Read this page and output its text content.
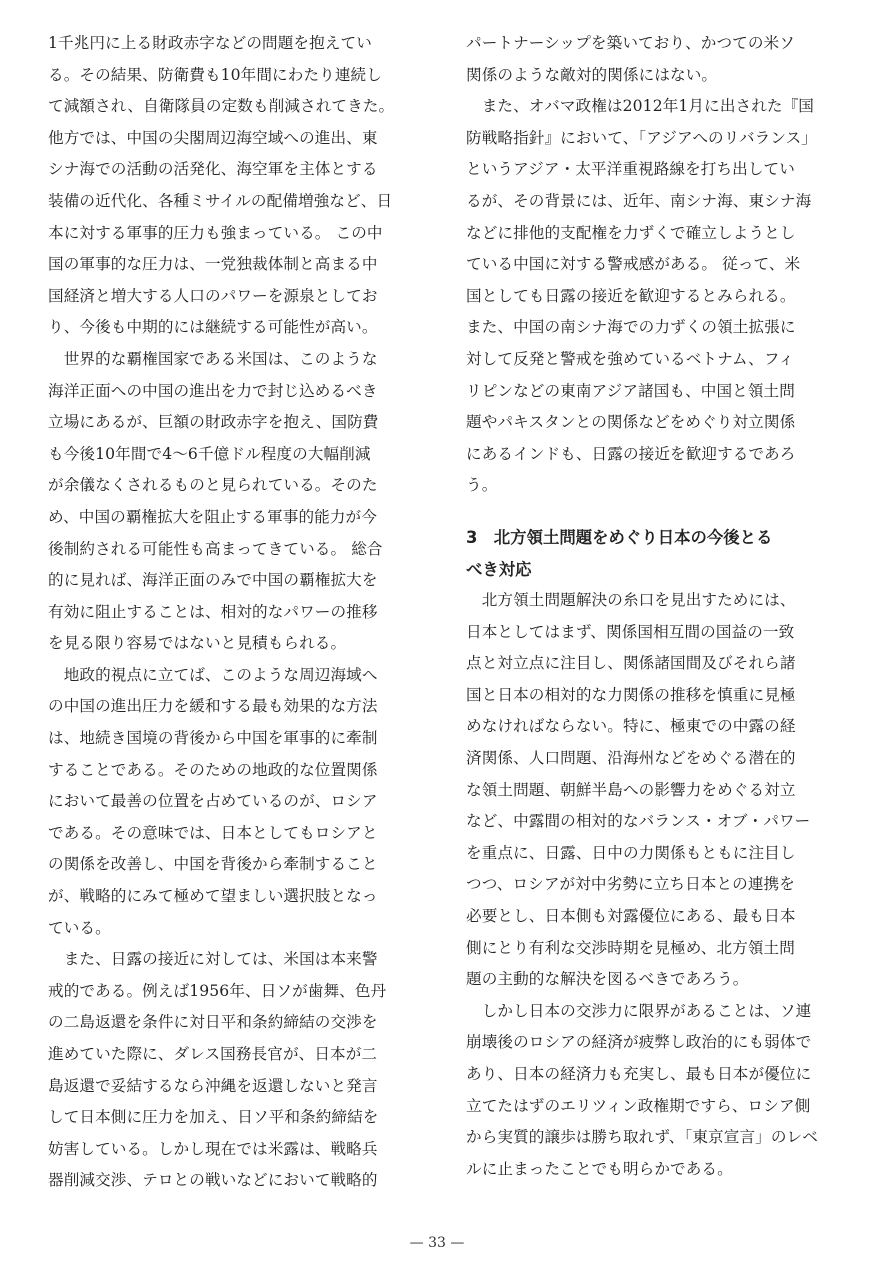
1千兆円に上る財政赤字などの問題を抱えてい
る。その結果、防衛費も10年間にわたり連続し
て減額され、自衛隊員の定数も削減されてきた。
他方では、中国の尖閣周辺海空域への進出、東
シナ海での活動の活発化、海空軍を主体とする
装備の近代化、各種ミサイルの配備増強など、日
本に対する軍事的圧力も強まっている。 この中
国の軍事的な圧力は、一党独裁体制と高まる中
国経済と増大する人口のパワーを源泉としてお
り、今後も中期的には継続する可能性が高い。
　世界的な覇権国家である米国は、このような
海洋正面への中国の進出を力で封じ込めるべき
立場にあるが、巨額の財政赤字を抱え、国防費
も今後10年間で4～6千億ドル程度の大幅削減
が余儀なくされるものと見られている。そのた
め、中国の覇権拡大を阻止する軍事的能力が今
後制約される可能性も高まってきている。 総合
的に見れば、海洋正面のみで中国の覇権拡大を
有効に阻止することは、相対的なパワーの推移
を見る限り容易ではないと見積もられる。
　地政的視点に立てば、このような周辺海域へ
の中国の進出圧力を緩和する最も効果的な方法
は、地続き国境の背後から中国を軍事的に牽制
することである。そのための地政的な位置関係
において最善の位置を占めているのが、ロシア
である。その意味では、日本としてもロシアと
の関係を改善し、中国を背後から牽制すること
が、戦略的にみて極めて望ましい選択肢となっ
ている。
　また、日露の接近に対しては、米国は本来警
戒的である。例えば1956年、日ソが歯舞、色丹
の二島返還を条件に対日平和条約締結の交渉を
進めていた際に、ダレス国務長官が、日本が二
島返還で妥結するなら沖縄を返還しないと発言
して日本側に圧力を加え、日ソ平和条約締結を
妨害している。しかし現在では米露は、戦略兵
器削減交渉、テロとの戦いなどにおいて戦略的
パートナーシップを築いており、かつての米ソ
関係のような敵対的関係にはない。
　また、オバマ政権は2012年1月に出された『国
防戦略指針』において、「アジアへのリバランス」
というアジア・太平洋重視路線を打ち出してい
るが、その背景には、近年、南シナ海、東シナ海
などに排他的支配権を力ずくで確立しようとし
ている中国に対する警戒感がある。 従って、米
国としても日露の接近を歓迎するとみられる。
また、中国の南シナ海での力ずくの領土拡張に
対して反発と警戒を強めているベトナム、フィ
リピンなどの東南アジア諸国も、中国と領土問
題やパキスタンとの関係などをめぐり対立関係
にあるインドも、日露の接近を歓迎するであろ
う。
3　北方領土問題をめぐり日本の今後とる
べき対応
　北方領土問題解決の糸口を見出すためには、
日本としてはまず、関係国相互間の国益の一致
点と対立点に注目し、関係諸国間及びそれら諸
国と日本の相対的な力関係の推移を慎重に見極
めなければならない。特に、極東での中露の経
済関係、人口問題、沿海州などをめぐる潜在的
な領土問題、朝鮮半島への影響力をめぐる対立
など、中露間の相対的なバランス・オブ・パワー
を重点に、日露、日中の力関係もともに注目し
つつ、ロシアが対中劣勢に立ち日本との連携を
必要とし、日本側も対露優位にある、最も日本
側にとり有利な交渉時期を見極め、北方領土問
題の主動的な解決を図るべきであろう。
　しかし日本の交渉力に限界があることは、ソ連
崩壊後のロシアの経済が疲弊し政治的にも弱体で
あり、日本の経済力も充実し、最も日本が優位に
立てたはずのエリツィン政権期ですら、ロシア側
から実質的譲歩は勝ち取れず、「東京宣言」のレベ
ルに止まったことでも明らかである。
— 33 —
